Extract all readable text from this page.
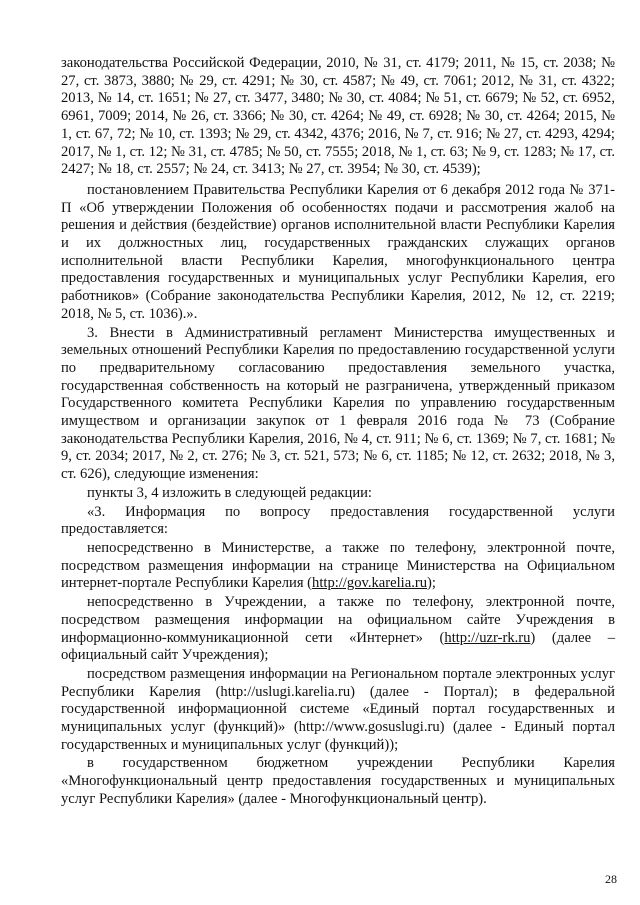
законодательства Российской Федерации, 2010, № 31, ст. 4179; 2011, № 15, ст. 2038; № 27, ст. 3873, 3880; № 29, ст. 4291; № 30, ст. 4587; № 49, ст. 7061; 2012, № 31, ст. 4322; 2013, № 14, ст. 1651; № 27, ст. 3477, 3480; № 30, ст. 4084; № 51, ст. 6679; № 52, ст. 6952, 6961, 7009; 2014, № 26, ст. 3366; № 30, ст. 4264; № 49, ст. 6928; № 30, ст. 4264; 2015, № 1, ст. 67, 72; № 10, ст. 1393; № 29, ст. 4342, 4376; 2016, № 7, ст. 916; № 27, ст. 4293, 4294; 2017, № 1, ст. 12; № 31, ст. 4785; № 50, ст. 7555; 2018, № 1, ст. 63; № 9, ст. 1283; № 17, ст. 2427; № 18, ст. 2557; № 24, ст. 3413; № 27, ст. 3954; № 30, ст. 4539);

постановлением Правительства Республики Карелия от 6 декабря 2012 года № 371-П «Об утверждении Положения об особенностях подачи и рассмотрения жалоб на решения и действия (бездействие) органов исполнительной власти Республики Карелия и их должностных лиц, государственных гражданских служащих органов исполнительной власти Республики Карелия, многофункционального центра предоставления государственных и муниципальных услуг Республики Карелия, его работников» (Собрание законодательства Республики Карелия, 2012, № 12, ст. 2219; 2018, № 5, ст. 1036).».

3. Внести в Административный регламент Министерства имущественных и земельных отношений Республики Карелия по предоставлению государственной услуги по предварительному согласованию предоставления земельного участка, государственная собственность на который не разграничена, утвержденный приказом Государственного комитета Республики Карелия по управлению государственным имуществом и организации закупок от 1 февраля 2016 года № 73 (Собрание законодательства Республики Карелия, 2016, № 4, ст. 911; № 6, ст. 1369; № 7, ст. 1681; № 9, ст. 2034; 2017, № 2, ст. 276; № 3, ст. 521, 573; № 6, ст. 1185; № 12, ст. 2632; 2018, № 3, ст. 626), следующие изменения:

пункты 3, 4 изложить в следующей редакции:

«3. Информация по вопросу предоставления государственной услуги предоставляется:

непосредственно в Министерстве, а также по телефону, электронной почте, посредством размещения информации на странице Министерства на Официальном интернет-портале Республики Карелия (http://gov.karelia.ru);

непосредственно в Учреждении, а также по телефону, электронной почте, посредством размещения информации на официальном сайте Учреждения в информационно-коммуникационной сети «Интернет» (http://uzr-rk.ru) (далее – официальный сайт Учреждения);

посредством размещения информации на Региональном портале электронных услуг Республики Карелия (http://uslugi.karelia.ru) (далее - Портал); в федеральной государственной информационной системе «Единый портал государственных и муниципальных услуг (функций)» (http://www.gosuslugi.ru) (далее - Единый портал государственных и муниципальных услуг (функций));

в государственном бюджетном учреждении Республики Карелия «Многофункциональный центр предоставления государственных и муниципальных услуг Республики Карелия» (далее - Многофункциональный центр).

28
